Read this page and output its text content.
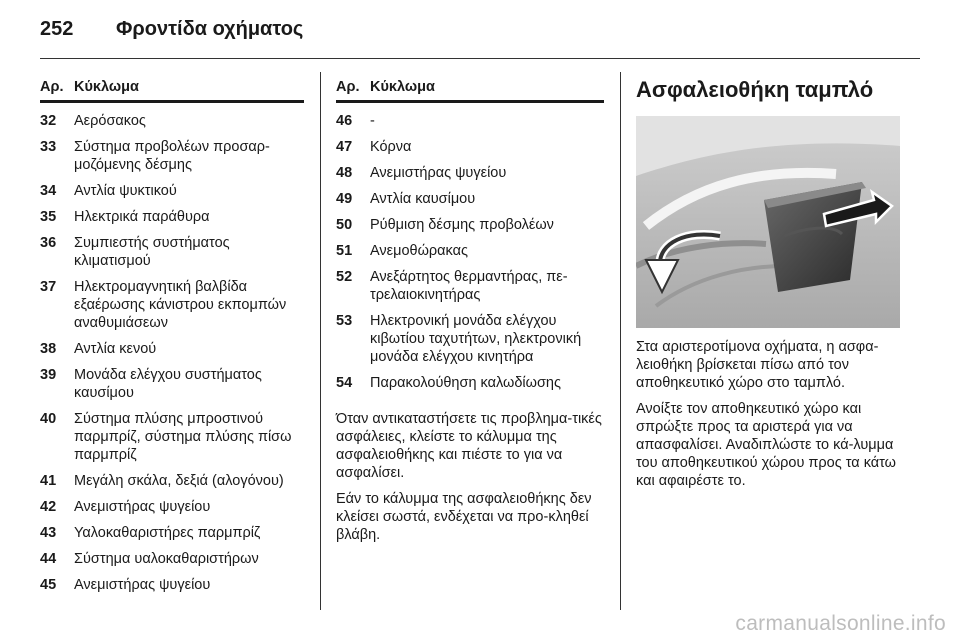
252 Φροντίδα οχήματος
Αρ. Κύκλωμα
32	Αερόσακος
33	Σύστημα προβολέων προσαρ-μοζόμενης δέσμης
34	Αντλία ψυκτικού
35	Ηλεκτρικά παράθυρα
36	Συμπιεστής συστήματος κλιματισμού
37	Ηλεκτρομαγνητική βαλβίδα εξαέρωσης κάνιστρου εκπομπών αναθυμιάσεων
38	Αντλία κενού
39	Μονάδα ελέγχου συστήματος καυσίμου
40	Σύστημα πλύσης μπροστινού παρμπρίζ, σύστημα πλύσης πίσω παρμπρίζ
41	Μεγάλη σκάλα, δεξιά (αλογόνου)
42	Ανεμιστήρας ψυγείου
43	Υαλοκαθαριστήρες παρμπρίζ
44	Σύστημα υαλοκαθαριστήρων
45	Ανεμιστήρας ψυγείου
Αρ. Κύκλωμα
46	-
47	Κόρνα
48	Ανεμιστήρας ψυγείου
49	Αντλία καυσίμου
50	Ρύθμιση δέσμης προβολέων
51	Ανεμοθώρακας
52	Ανεξάρτητος θερμαντήρας, πε-τρελαιοκινητήρας
53	Ηλεκτρονική μονάδα ελέγχου κιβωτίου ταχυτήτων, ηλεκτρονική μονάδα ελέγχου κινητήρα
54	Παρακολούθηση καλωδίωσης

Όταν αντικαταστήσετε τις προβλημα-τικές ασφάλειες, κλείστε το κάλυμμα της ασφαλειοθήκης και πιέστε το για να ασφαλίσει.

Εάν το κάλυμμα της ασφαλειοθήκης δεν κλείσει σωστά, ενδέχεται να προ-κληθεί βλάβη.

Ασφαλειοθήκη ταμπλό

Στα αριστεροτίμονα οχήματα, η ασφα-λειοθήκη βρίσκεται πίσω από τον αποθηκευτικό χώρο στο ταμπλό.

Ανοίξτε τον αποθηκευτικό χώρο και σπρώξτε προς τα αριστερά για να απασφαλίσει. Αναδιπλώστε το κά-λυμμα του αποθηκευτικού χώρου προς τα κάτω και αφαιρέστε το.

carmanualsonline.info
